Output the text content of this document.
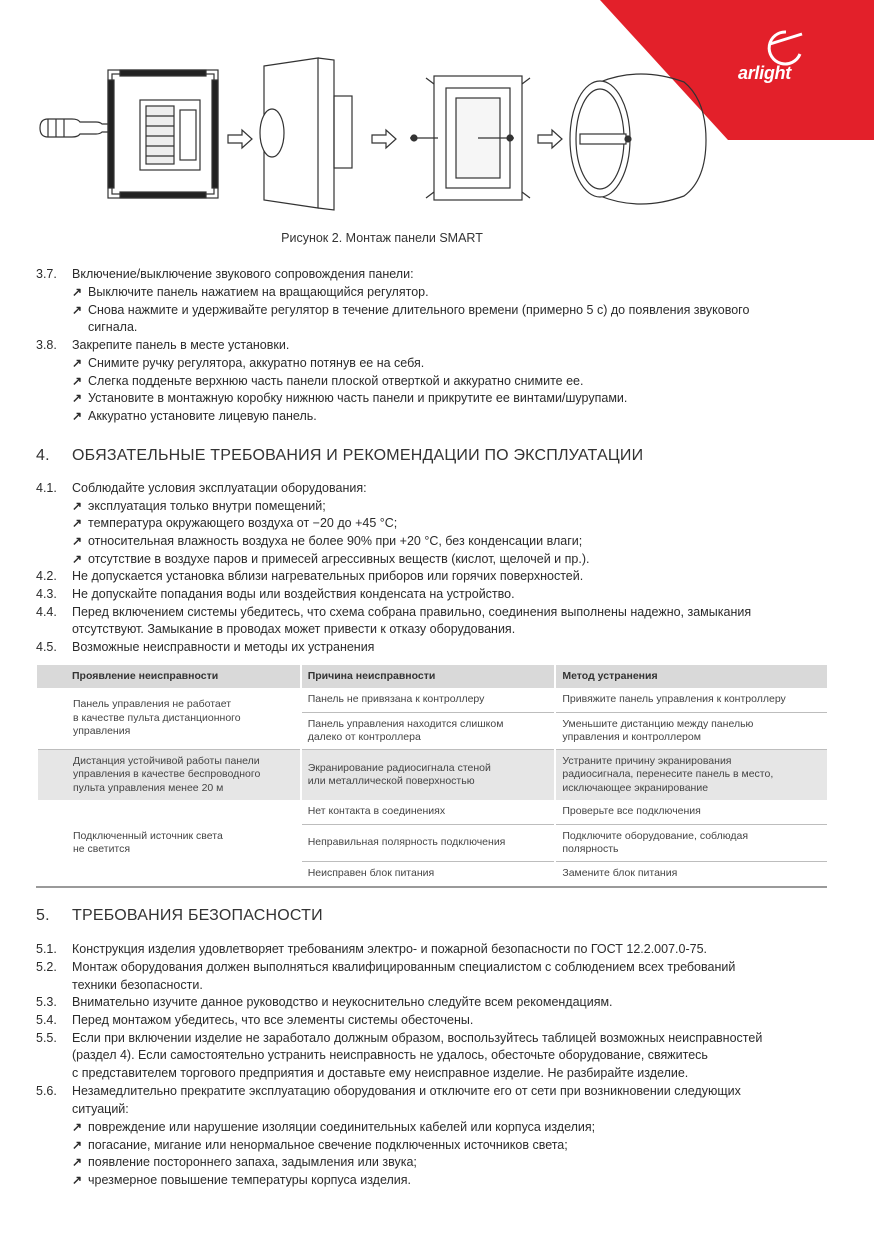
arlight
Рисунок 2. Монтаж панели SMART
3.7. Включение/выключение звукового сопровождения панели:
↗ Выключите панель нажатием на вращающийся регулятор.
↗ Снова нажмите и удерживайте регулятор в течение длительного времени (примерно 5 с) до появления звукового
сигнала.
3.8. Закрепите панель в месте установки.
↗ Снимите ручку регулятора, аккуратно потянув ее на себя.
↗ Слегка подденьте верхнюю часть панели плоской отверткой и аккуратно снимите ее.
↗ Установите в монтажную коробку нижнюю часть панели и прикрутите ее винтами/шурупами.
↗ Аккуратно установите лицевую панель.
4. ОБЯЗАТЕЛЬНЫЕ ТРЕБОВАНИЯ И РЕКОМЕНДАЦИИ ПО ЭКСПЛУАТАЦИИ
4.1. Соблюдайте условия эксплуатации оборудования:
↗ эксплуатация только внутри помещений;
↗ температура окружающего воздуха от −20 до +45 °C;
↗ относительная влажность воздуха не более 90% при +20 °C, без конденсации влаги;
↗ отсутствие в воздухе паров и примесей агрессивных веществ (кислот, щелочей и пр.).
4.2. Не допускается установка вблизи нагревательных приборов или горячих поверхностей.
4.3. Не допускайте попадания воды или воздействия конденсата на устройство.
4.4. Перед включением системы убедитесь, что схема собрана правильно, соединения выполнены надежно, замыкания
отсутствуют. Замыкание в проводах может привести к отказу оборудования.
4.5. Возможные неисправности и методы их устранения
Проявление неисправности	Причина неисправности	Метод устранения
Панель управления не работает
в качестве пульта дистанционного
управления	Панель не привязана к контроллеру	Привяжите панель управления к контроллеру
	Панель управления находится слишком
далеко от контроллера	Уменьшите дистанцию между панелью
управления и контроллером
Дистанция устойчивой работы панели
управления в качестве беспроводного
пульта управления менее 20 м	Экранирование радиосигнала стеной
или металлической поверхностью	Устраните причину экранирования
радиосигнала, перенесите панель в место,
исключающее экранирование
Подключенный источник света
не светится	Нет контакта в соединениях	Проверьте все подключения
	Неправильная полярность подключения	Подключите оборудование, соблюдая
полярность
	Неисправен блок питания	Замените блок питания
5. ТРЕБОВАНИЯ БЕЗОПАСНОСТИ
5.1. Конструкция изделия удовлетворяет требованиям электро- и пожарной безопасности по ГОСТ 12.2.007.0-75.
5.2. Монтаж оборудования должен выполняться квалифицированным специалистом с соблюдением всех требований
техники безопасности.
5.3. Внимательно изучите данное руководство и неукоснительно следуйте всем рекомендациям.
5.4. Перед монтажом убедитесь, что все элементы системы обесточены.
5.5. Если при включении изделие не заработало должным образом, воспользуйтесь таблицей возможных неисправностей
(раздел 4). Если самостоятельно устранить неисправность не удалось, обесточьте оборудование, свяжитесь
с представителем торгового предприятия и доставьте ему неисправное изделие. Не разбирайте изделие.
5.6. Незамедлительно прекратите эксплуатацию оборудования и отключите его от сети при возникновении следующих
ситуаций:
↗ повреждение или нарушение изоляции соединительных кабелей или корпуса изделия;
↗ погасание, мигание или ненормальное свечение подключенных источников света;
↗ появление постороннего запаха, задымления или звука;
↗ чрезмерное повышение температуры корпуса изделия.
